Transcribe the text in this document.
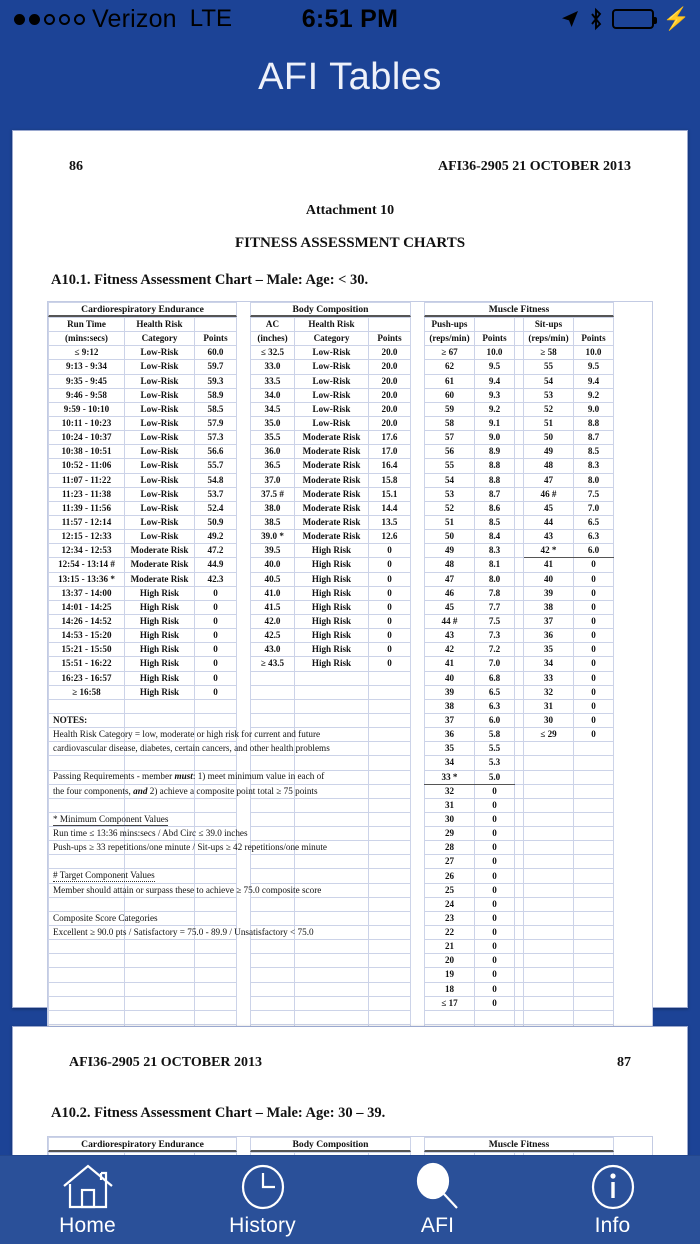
Verizon LTE	6:51 PM	⚡
AFI Tables
86	AFI36-2905 21 OCTOBER 2013
Attachment 10
FITNESS ASSESSMENT CHARTS
A10.1. Fitness Assessment Chart – Male: Age: < 30.
Cardiorespiratory Endurance
Run Time	Health Risk	
(mins:secs)	Category	Points
≤ 9:12	Low-Risk	60.0
9:13 - 9:34	Low-Risk	59.7
9:35 - 9:45	Low-Risk	59.3
9:46 - 9:58	Low-Risk	58.9
9:59 - 10:10	Low-Risk	58.5
10:11 - 10:23	Low-Risk	57.9
10:24 - 10:37	Low-Risk	57.3
10:38 - 10:51	Low-Risk	56.6
10:52 - 11:06	Low-Risk	55.7
11:07 - 11:22	Low-Risk	54.8
11:23 - 11:38	Low-Risk	53.7
11:39 - 11:56	Low-Risk	52.4
11:57 - 12:14	Low-Risk	50.9
12:15 - 12:33	Low-Risk	49.2
12:34 - 12:53	Moderate Risk	47.2
12:54 - 13:14 #	Moderate Risk	44.9
13:15 - 13:36 *	Moderate Risk	42.3
13:37 - 14:00	High Risk	0
14:01 - 14:25	High Risk	0
14:26 - 14:52	High Risk	0
14:53 - 15:20	High Risk	0
15:21 - 15:50	High Risk	0
15:51 - 16:22	High Risk	0
16:23 - 16:57	High Risk	0
≥ 16:58	High Risk	0

Body Composition
AC	Health Risk	
(inches)	Category	Points
≤ 32.5	Low-Risk	20.0
33.0	Low-Risk	20.0
33.5	Low-Risk	20.0
34.0	Low-Risk	20.0
34.5	Low-Risk	20.0
35.0	Low-Risk	20.0
35.5	Moderate Risk	17.6
36.0	Moderate Risk	17.0
36.5	Moderate Risk	16.4
37.0	Moderate Risk	15.8
37.5 #	Moderate Risk	15.1
38.0	Moderate Risk	14.4
38.5	Moderate Risk	13.5
39.0 *	Moderate Risk	12.6
39.5	High Risk	0
40.0	High Risk	0
40.5	High Risk	0
41.0	High Risk	0
41.5	High Risk	0
42.0	High Risk	0
42.5	High Risk	0
43.0	High Risk	0
≥ 43.5	High Risk	0

Muscle Fitness
Push-ups			Sit-ups	
(reps/min)	Points		(reps/min)	Points
≥ 67	10.0		≥ 58	10.0
62	9.5		55	9.5
61	9.4		54	9.4
60	9.3		53	9.2
59	9.2		52	9.0
58	9.1		51	8.8
57	9.0		50	8.7
56	8.9		49	8.5
55	8.8		48	8.3
54	8.8		47	8.0
53	8.7		46 #	7.5
52	8.6		45	7.0
51	8.5		44	6.5
50	8.4		43	6.3
49	8.3		42 *	6.0
48	8.1		41	0
47	8.0		40	0
46	7.8		39	0
45	7.7		38	0
44 #	7.5		37	0
43	7.3		36	0
42	7.2		35	0
41	7.0		34	0
40	6.8		33	0
39	6.5		32	0
38	6.3		31	0
37	6.0		30	0
36	5.8		≤ 29	0
35	5.5			
34	5.3			
33 *	5.0			
32	0			
31	0			
30	0			
29	0			
28	0			
27	0			
26	0			
25	0			
24	0			
23	0			
22	0			
21	0			
20	0			
19	0			
18	0			
≤ 17	0			

NOTES:
Health Risk Category = low, moderate or high risk for current and future
cardiovascular disease, diabetes, certain cancers, and other health problems

Passing Requirements - member must: 1) meet minimum value in each of
the four components, and 2) achieve a composite point total ≥ 75 points

* Minimum Component Values
Run time ≤ 13:36 mins:secs / Abd Circ ≤ 39.0 inches
Push-ups ≥ 33 repetitions/one minute / Sit-ups ≥ 42 repetitions/one minute

# Target Component Values
Member should attain or surpass these to achieve ≥ 75.0 composite score

Composite Score Categories
Excellent ≥ 90.0 pts / Satisfactory = 75.0 - 89.9 / Unsatisfactory < 75.0
AFI36-2905 21 OCTOBER 2013	87
A10.2. Fitness Assessment Chart – Male: Age: 30 – 39.
Cardiorespiratory Endurance
			Body Composition
			Muscle Fitness

Home	History	AFI	Info
